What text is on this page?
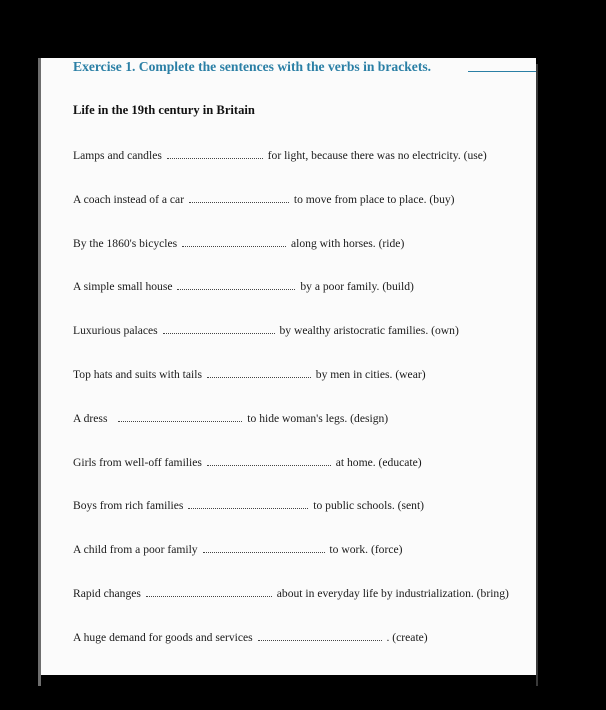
Exercise 1. Complete the sentences with the verbs in brackets.
Life in the 19th century in Britain
Lamps and candles	for light, because there was no electricity. (use)
A coach instead of a car	to move from place to place. (buy)
By the 1860's bicycles	along with horses. (ride)
A simple small house	by a poor family. (build)
Luxurious palaces	by wealthy aristocratic families. (own)
Top hats and suits with tails	by men in cities. (wear)
A dress	to hide woman's legs. (design)
Girls from well-off families	at home. (educate)
Boys from rich families	to public schools. (sent)
A child from a poor family	to work. (force)
Rapid changes	about in everyday life by industrialization. (bring)
A huge demand for goods and services	. (create)
